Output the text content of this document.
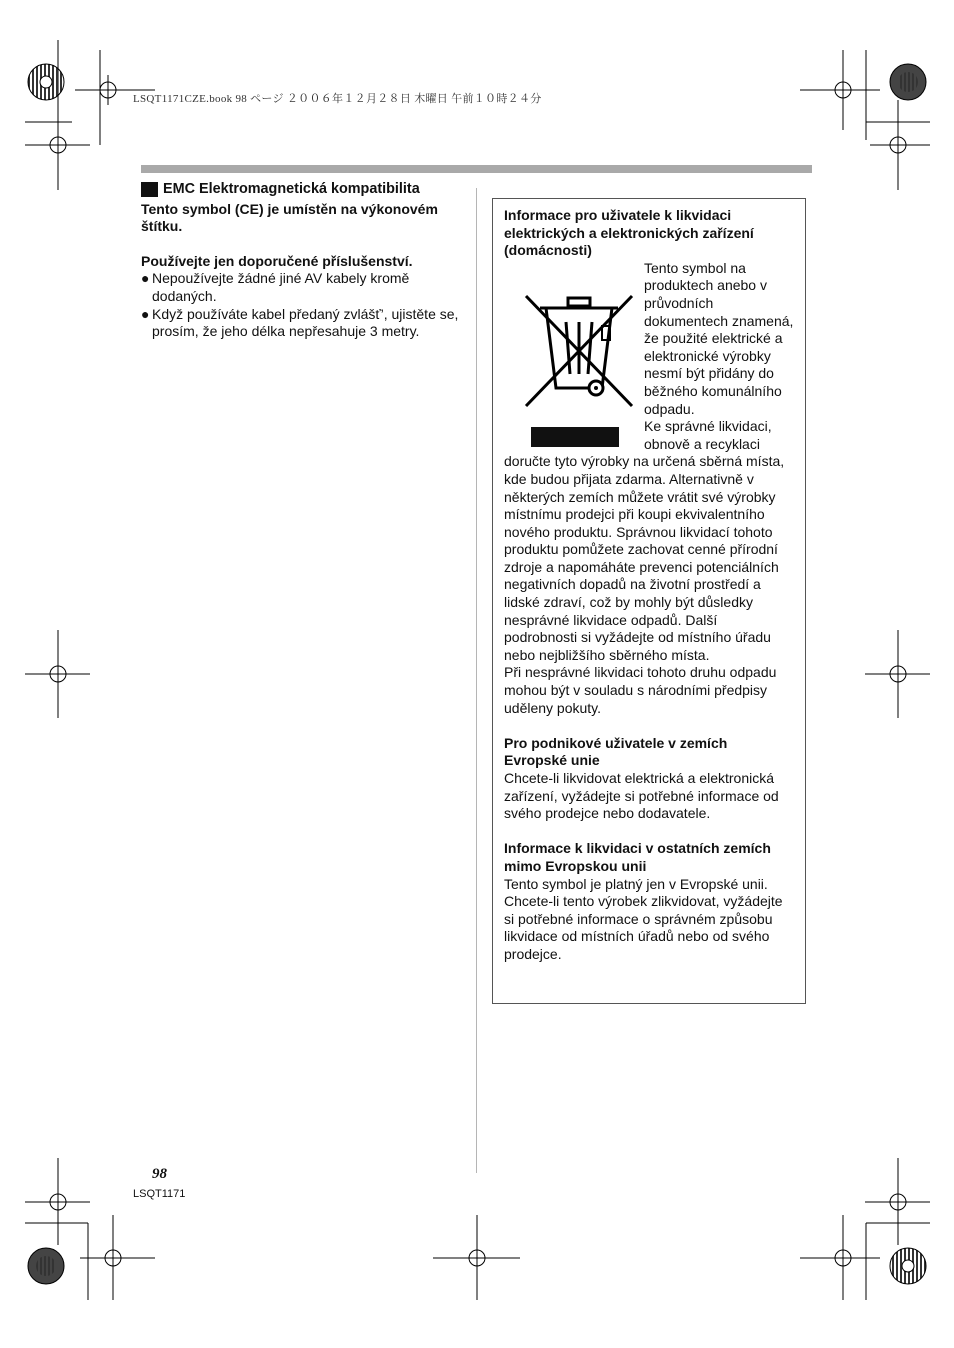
LSQT1171CZE.book 98 ページ ２００６年１２月２８日 木曜日 午前１０時２４分
EMC Elektromagnetická kompatibilita
Tento symbol (CE) je umístěn na výkonovém štítku.
Používejte jen doporučené příslušenství.
● Nepoužívejte žádné jiné AV kabely kromě dodaných.
● Když používáte kabel předaný zvlášť’, ujistěte se, prosím, že jeho délka nepřesahuje 3 metry.
Informace pro uživatele k likvidaci elektrických a elektronických zařízení (domácnosti)
Tento symbol na produktech anebo v průvodních dokumentech znamená, že použité elektrické a elektronické výrobky nesmí být přidány do běžného komunálního odpadu.
Ke správné likvidaci, obnově a recyklaci doručte tyto výrobky na určená sběrná místa, kde budou přijata zdarma. Alternativně v některých zemích můžete vrátit své výrobky místnímu prodejci při koupi ekvivalentního nového produktu. Správnou likvidací tohoto produktu pomůžete zachovat cenné přírodní zdroje a napomáháte prevenci potenciálních negativních dopadů na životní prostředí a lidské zdraví, což by mohly být důsledky nesprávné likvidace odpadů. Další podrobnosti si vyžádejte od místního úřadu nebo nejbližšího sběrného místa.
Při nesprávné likvidaci tohoto druhu odpadu mohou být v souladu s národními předpisy uděleny pokuty.
Pro podnikové uživatele v zemích Evropské unie
Chcete-li likvidovat elektrická a elektronická zařízení, vyžádejte si potřebné informace od svého prodejce nebo dodavatele.
Informace k likvidaci v ostatních zemích mimo Evropskou unii
Tento symbol je platný jen v Evropské unii. Chcete-li tento výrobek zlikvidovat, vyžádejte si potřebné informace o správném způsobu likvidace od místních úřadů nebo od svého prodejce.
98
LSQT1171
